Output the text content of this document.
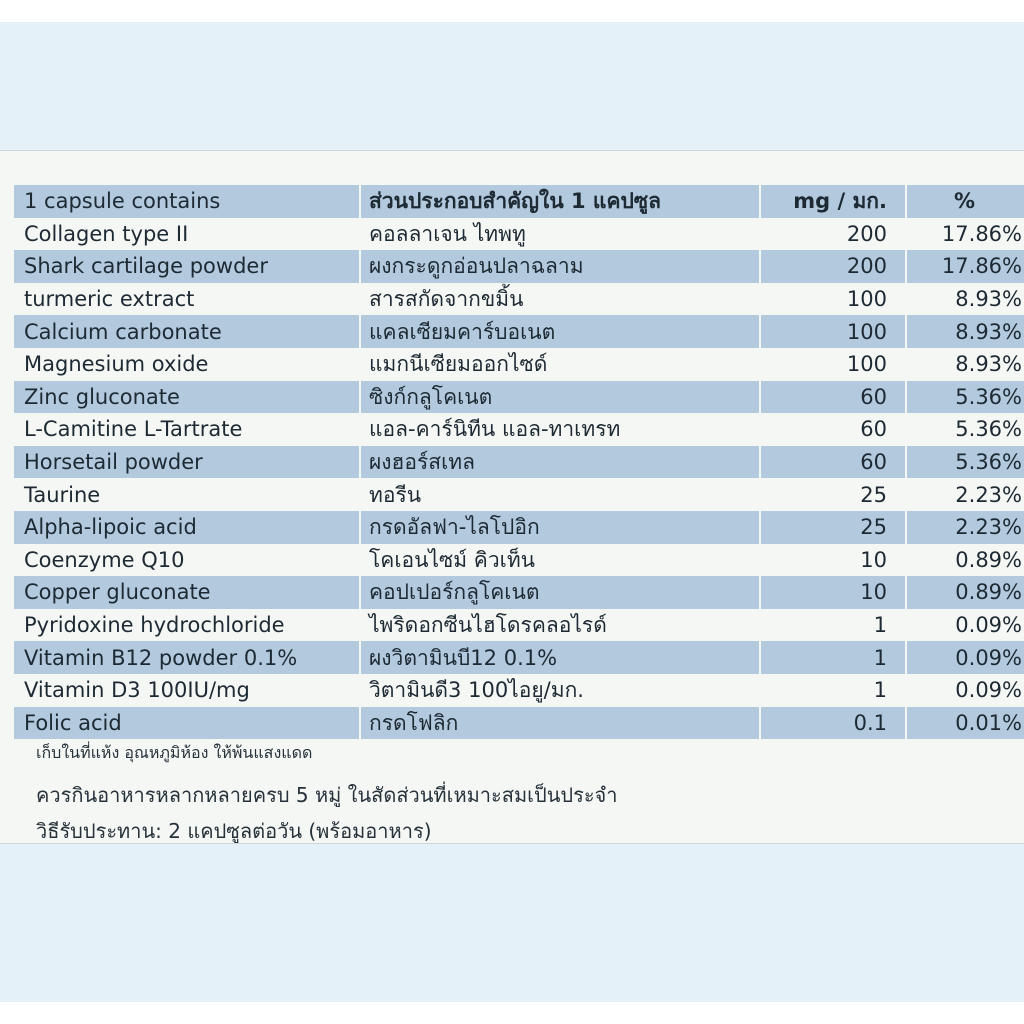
1 capsule contains	ส่วนประกอบสำคัญใน 1 แคปซูล	mg / มก.	%
Collagen type II	คอลลาเจน ไทพทู	200	17.86%
Shark cartilage powder	ผงกระดูกอ่อนปลาฉลาม	200	17.86%
turmeric extract	สารสกัดจากขมิ้น	100	8.93%
Calcium carbonate	แคลเซียมคาร์บอเนต	100	8.93%
Magnesium oxide	แมกนีเซียมออกไซด์	100	8.93%
Zinc gluconate	ซิงก์กลูโคเนต	60	5.36%
L-Camitine L-Tartrate	แอล-คาร์นิทีน แอล-ทาเทรท	60	5.36%
Horsetail powder	ผงฮอร์สเทล	60	5.36%
Taurine	ทอรีน	25	2.23%
Alpha-lipoic acid	กรดอัลฟา-ไลโปอิก	25	2.23%
Coenzyme Q10	โคเอนไซม์ คิวเท็น	10	0.89%
Copper gluconate	คอปเปอร์กลูโคเนต	10	0.89%
Pyridoxine hydrochloride	ไพริดอกซีนไฮโดรคลอไรด์	1	0.09%
Vitamin B12 powder 0.1%	ผงวิตามินบี12 0.1%	1	0.09%
Vitamin D3 100IU/mg	วิตามินดี3 100ไอยู/มก.	1	0.09%
Folic acid	กรดโฟลิก	0.1	0.01%
เก็บในที่แห้ง อุณหภูมิห้อง ให้พ้นแสงแดด
ควรกินอาหารหลากหลายครบ 5 หมู่ ในสัดส่วนที่เหมาะสมเป็นประจำ
วิธีรับประทาน: 2 แคปซูลต่อวัน (พร้อมอาหาร)
